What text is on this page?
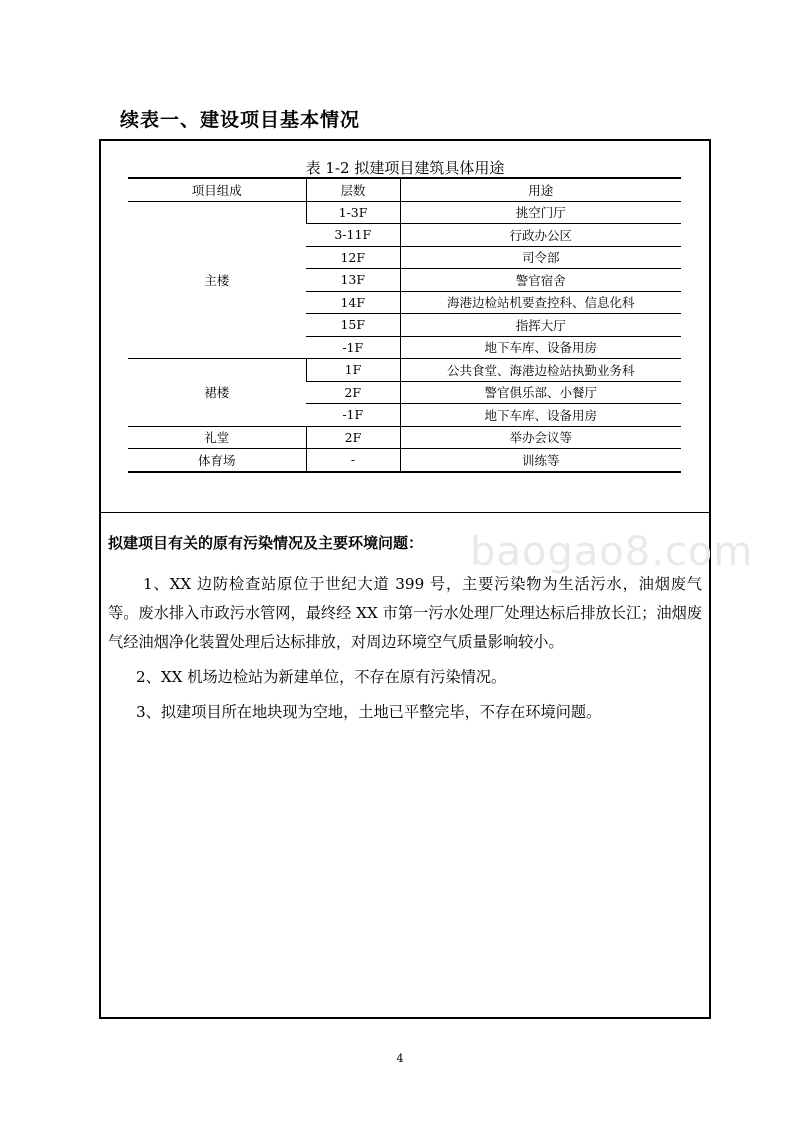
续表一、建设项目基本情况
表 1-2 拟建项目建筑具体用途
项目组成	层数	用途
主楼	1-3F	挑空门厅
	3-11F	行政办公区
	12F	司令部
	13F	警官宿舍
	14F	海港边检站机要查控科、信息化科
	15F	指挥大厅
	-1F	地下车库、设备用房
裙楼	1F	公共食堂、海港边检站执勤业务科
	2F	警官俱乐部、小餐厅
	-1F	地下车库、设备用房
礼堂	2F	举办会议等
体育场	-	训练等
拟建项目有关的原有污染情况及主要环境问题：

1、XX 边防检查站原位于世纪大道 399 号，主要污染物为生活污水，油烟废气等。废水排入市政污水管网，最终经 XX 市第一污水处理厂处理达标后排放长江；油烟废气经油烟净化装置处理后达标排放，对周边环境空气质量影响较小。

2、XX 机场边检站为新建单位，不存在原有污染情况。

3、拟建项目所在地块现为空地，土地已平整完毕，不存在环境问题。

baogao8.com
4
